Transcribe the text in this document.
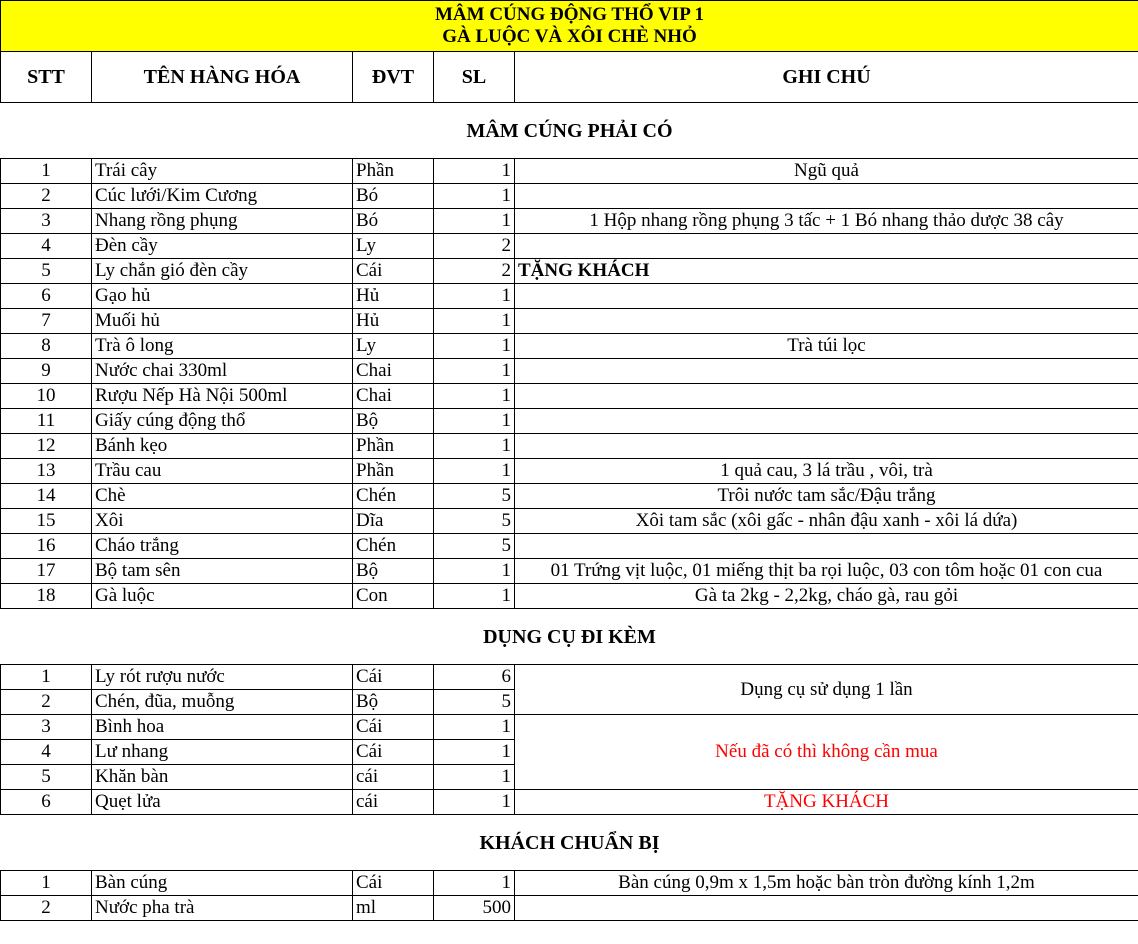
MÂM CÚNG ĐỘNG THỔ VIP 1
GÀ LUỘC VÀ XÔI CHÈ NHỎ				

STT	TÊN HÀNG HÓA	ĐVT	SL	GHI CHÚ
MÂM CÚNG PHẢI CÓ				
1	Trái cây	Phần	1	Ngũ quả
2	Cúc lưới/Kim Cương	Bó	1	
3	Nhang rồng phụng	Bó	1	1 Hộp nhang rồng phụng 3 tấc + 1 Bó nhang thảo dược 38 cây
4	Đèn cầy	Ly	2	
5	Ly chắn gió đèn cầy	Cái	2	TẶNG KHÁCH
6	Gạo hủ	Hủ	1	
7	Muối hủ	Hủ	1	
8	Trà ô long	Ly	1	Trà túi lọc
9	Nước chai 330ml	Chai	1	
10	Rượu Nếp Hà Nội 500ml	Chai	1	
11	Giấy cúng động thổ	Bộ	1	
12	Bánh kẹo	Phần	1	
13	Trầu cau	Phần	1	1 quả cau, 3 lá trầu , vôi, trà
14	Chè	Chén	5	Trôi nước tam sắc/Đậu trắng
15	Xôi	Dĩa	5	Xôi tam sắc (xôi gấc - nhân đậu xanh - xôi lá dứa)
16	Cháo trắng	Chén	5	
17	Bộ tam sên	Bộ	1	01 Trứng vịt luộc, 01 miếng thịt ba rọi luộc, 03 con tôm hoặc 01 con cua
18	Gà luộc	Con	1	Gà ta 2kg - 2,2kg, cháo gà, rau gỏi
DỤNG CỤ ĐI KÈM				
1	Ly rót rượu nước	Cái	6	Dụng cụ sử dụng 1 lần
2	Chén, đũa, muỗng	Bộ	5	
3	Bình hoa	Cái	1	Nếu đã có thì không cần mua
4	Lư nhang	Cái	1	
5	Khăn bàn	cái	1	
6	Quẹt lửa	cái	1	TẶNG KHÁCH
KHÁCH CHUẨN BỊ				
1	Bàn cúng	Cái	1	Bàn cúng 0,9m x 1,5m hoặc bàn tròn đường kính 1,2m
2	Nước pha trà	ml	500	
